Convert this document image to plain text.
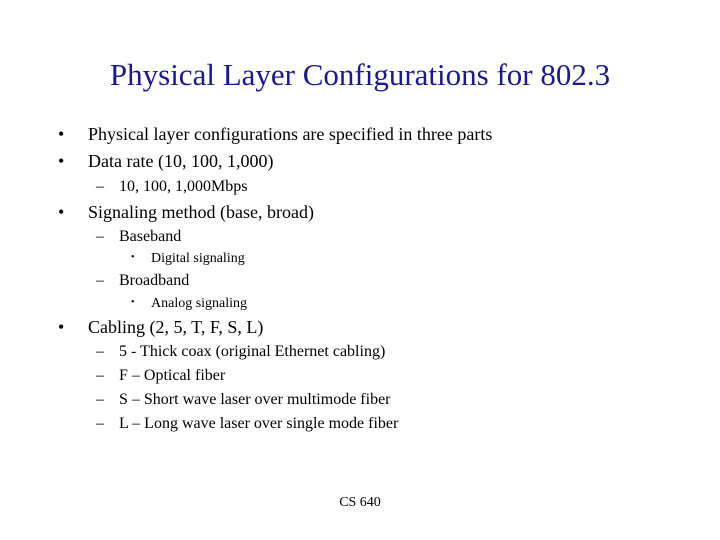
Physical Layer Configurations for 802.3
• Physical layer configurations are specified in three parts
• Data rate (10, 100, 1,000)
– 10, 100, 1,000Mbps
• Signaling method (base, broad)
– Baseband
• Digital signaling
– Broadband
• Analog signaling
• Cabling (2, 5, T, F, S, L)
– 5 - Thick coax (original Ethernet cabling)
– F – Optical fiber
– S – Short wave laser over multimode fiber
– L – Long wave laser over single mode fiber
CS 640
